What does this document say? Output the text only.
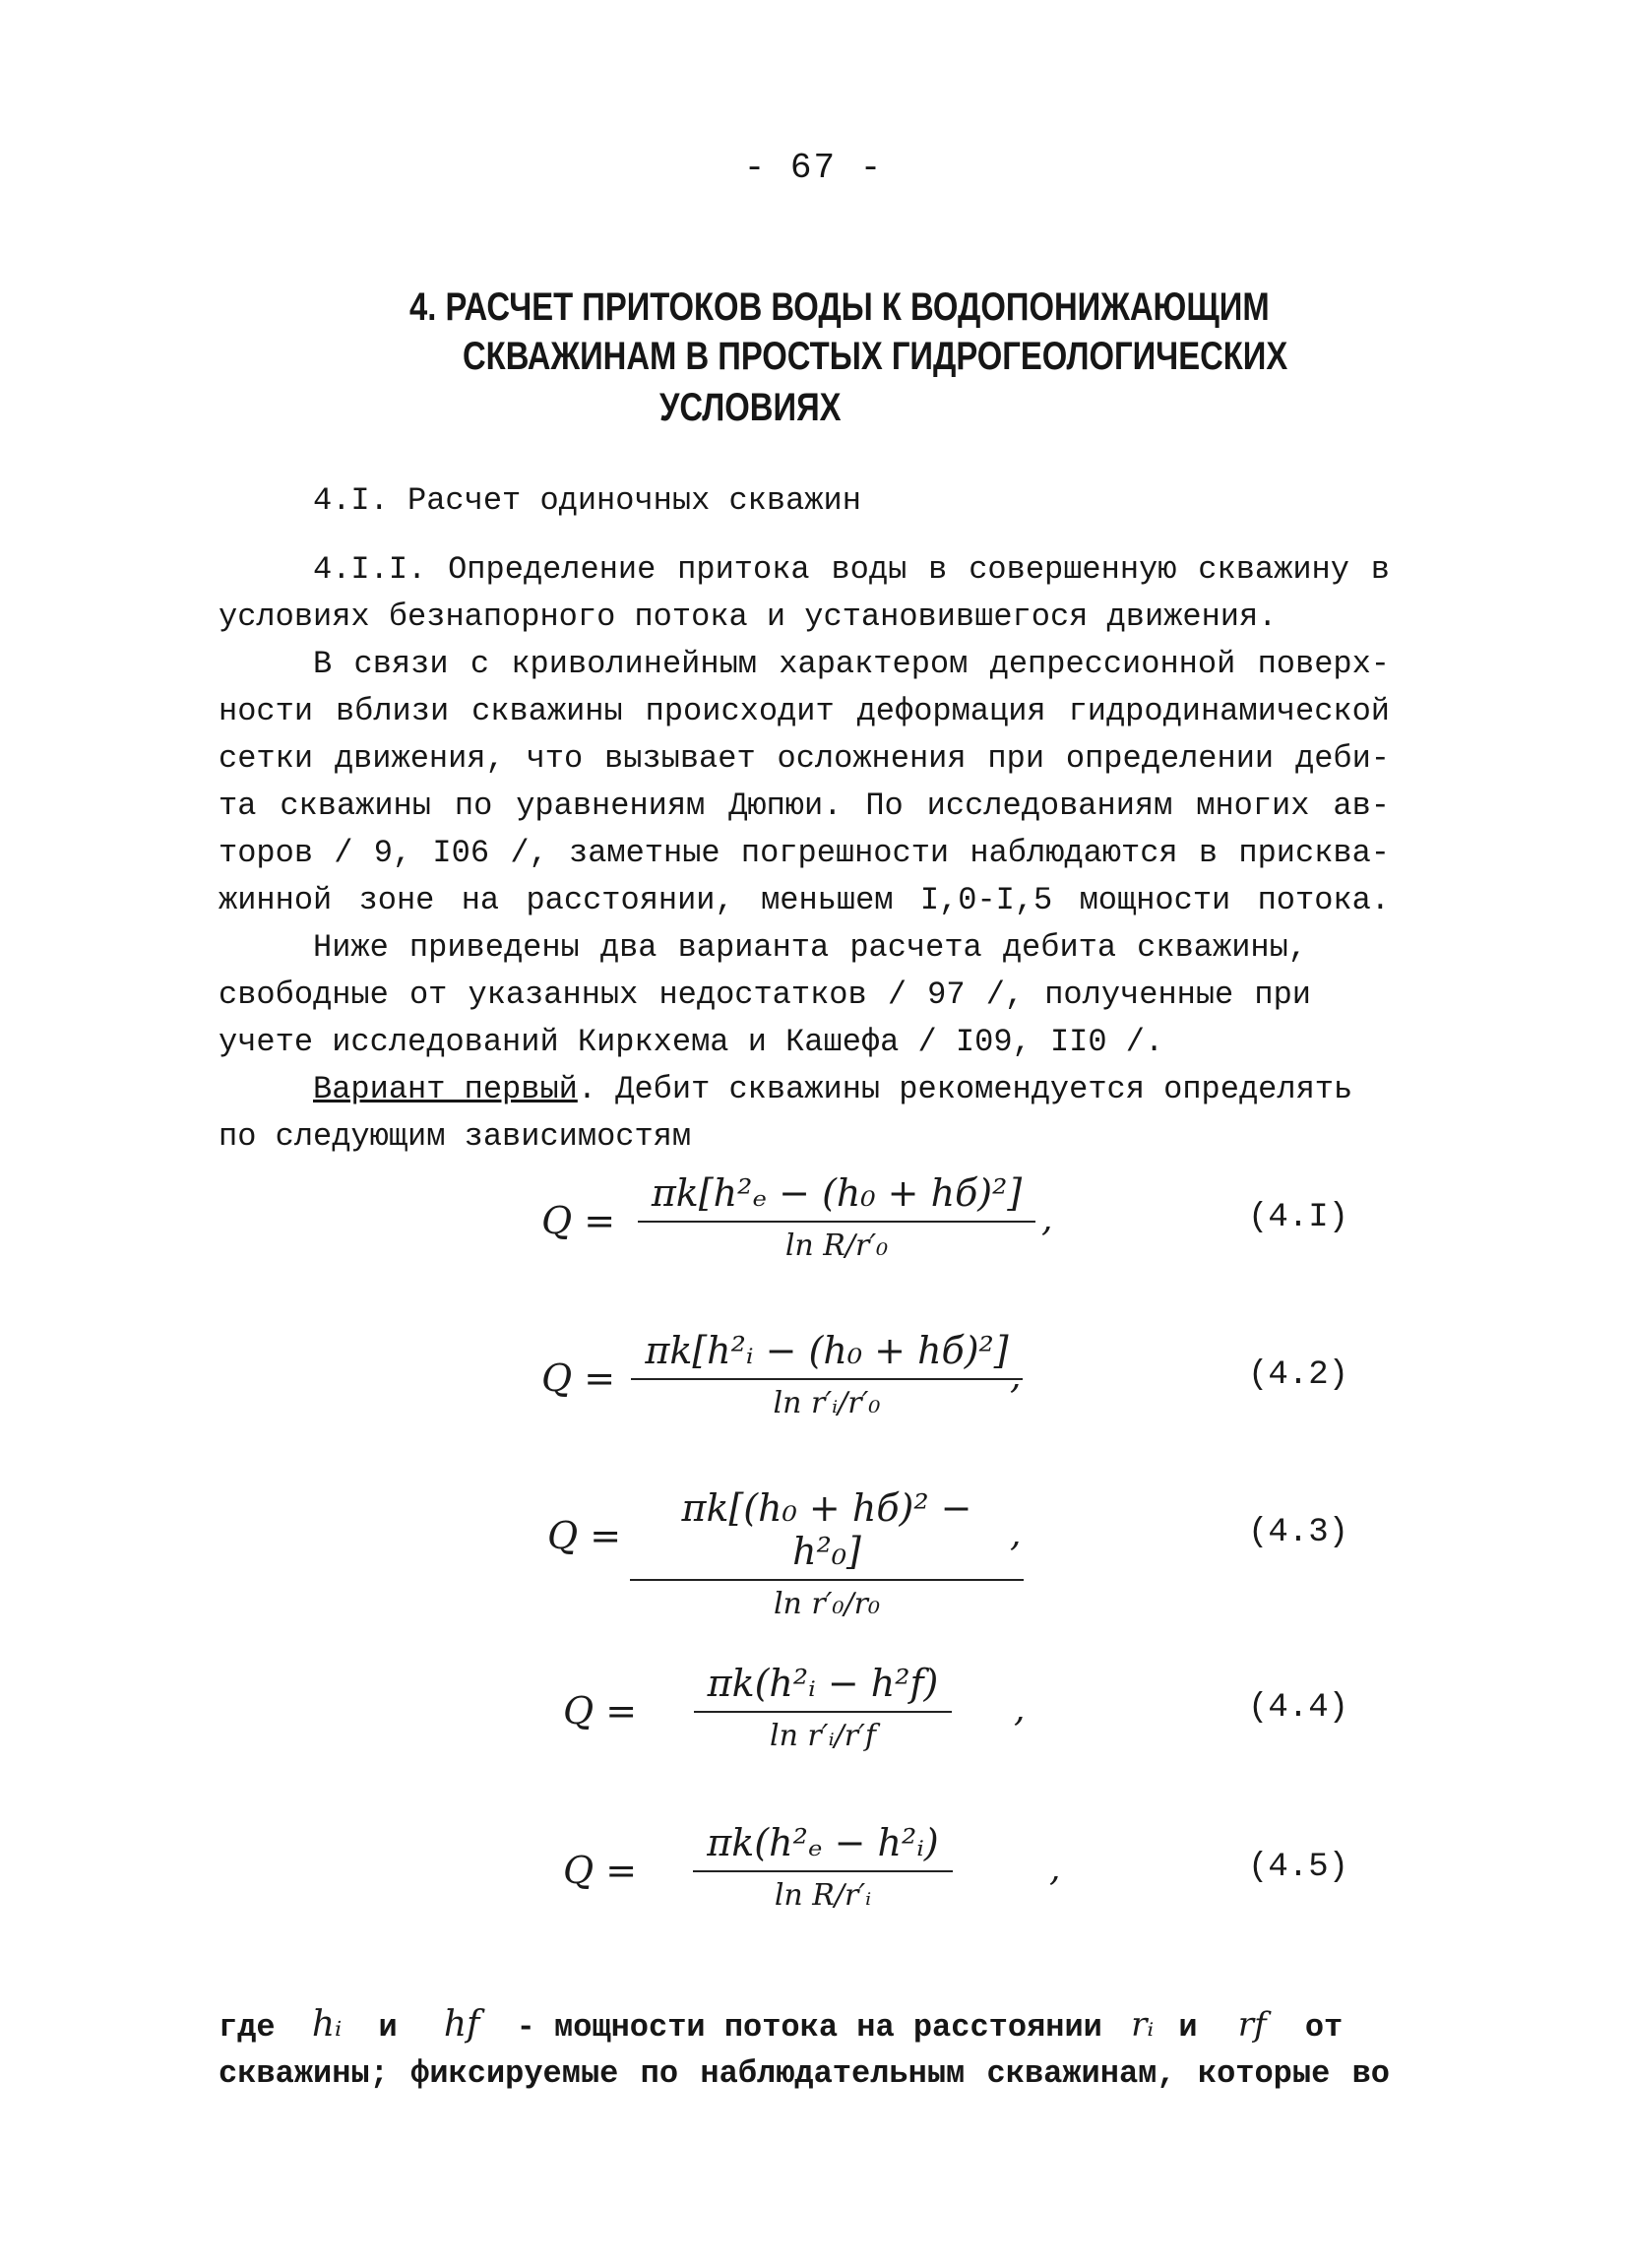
- 67 -
4. РАСЧЕТ ПРИТОКОВ ВОДЫ К ВОДОПОНИЖАЮЩИМ
СКВАЖИНАМ В ПРОСТЫХ ГИДРОГЕОЛОГИЧЕСКИХ
УСЛОВИЯХ
4.I. Расчет одиночных скважин
4.I.I. Определение притока воды в совершенную скважину в
условиях безнапорного потока и установившегося движения.
В связи с криволинейным характером депрессионной поверх-
ности вблизи скважины происходит деформация гидродинамической
сетки движения, что вызывает осложнения при определении деби-
та скважины по уравнениям Дюпюи. По исследованиям многих ав-
торов / 9, I06 /, заметные погрешности наблюдаются в присква-
жинной зоне на расстоянии, меньшем I,0-I,5 мощности потока.
Ниже приведены два варианта расчета дебита скважины,
свободные от указанных недостатков / 97 /, полученные при
учете исследований Киркхема и Кашефа / I09, II0 /.
Вариант первый. Дебит скважины рекомендуется определять
по следующим зависимостям
Q =
πk[h²ₑ − (h₀ + hб)²]
ln R/r′₀
,	(4.I)
Q =
πk[h²ᵢ − (h₀ + hб)²]
ln r′ᵢ/r′₀
,	(4.2)
Q =
πk[(h₀ + hб)² − h²₀]
ln r′₀/r₀
,	(4.3)
Q =
πk(h²ᵢ − h²f)
ln r′ᵢ/r′f
,	(4.4)
Q =
πk(h²ₑ − h²ᵢ)
ln R/r′ᵢ
,	(4.5)
где hᵢ и hf - мощности потока на расстоянии rᵢ и rf от
скважины; фиксируемые по наблюдательным скважинам, которые во
